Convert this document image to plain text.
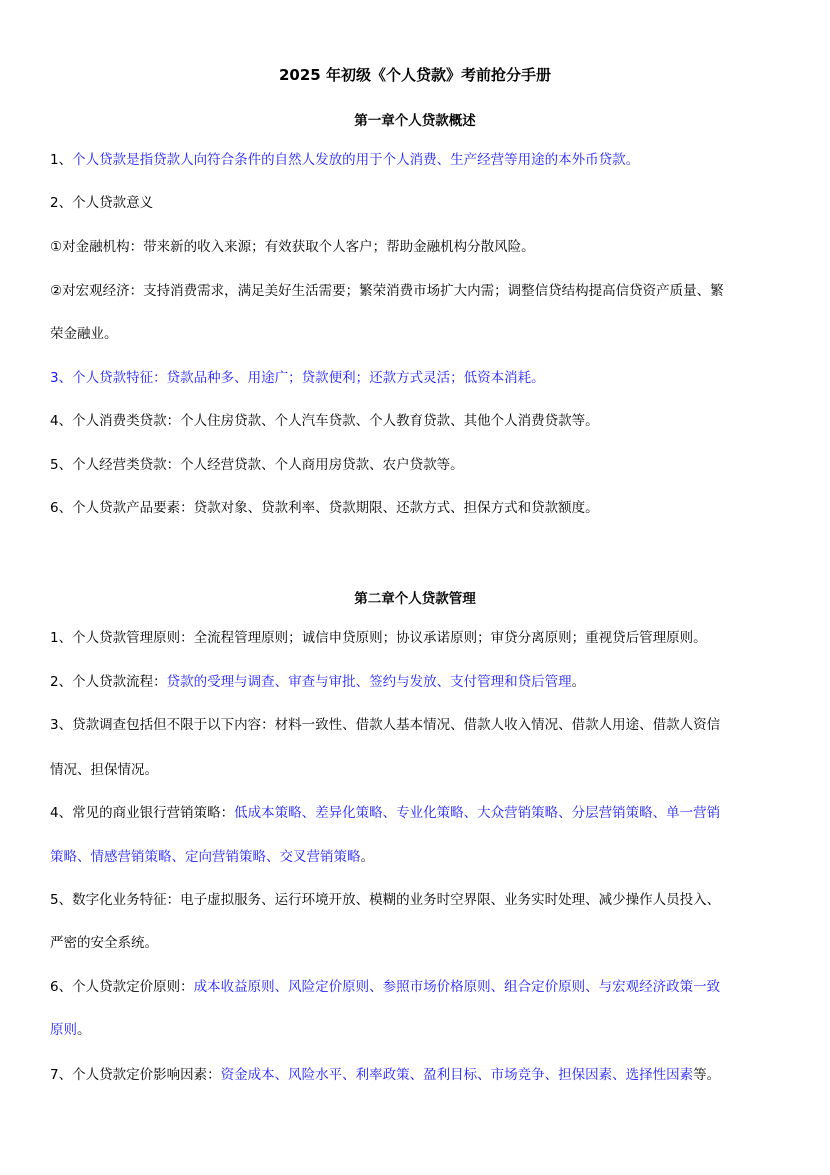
2025 年初级《个人贷款》考前抢分手册
第一章个人贷款概述
1、个人贷款是指贷款人向符合条件的自然人发放的用于个人消费、生产经营等用途的本外币贷款。
2、个人贷款意义
①对金融机构：带来新的收入来源；有效获取个人客户；帮助金融机构分散风险。
②对宏观经济：支持消费需求，满足美好生活需要；繁荣消费市场扩大内需；调整信贷结构提高信贷资产质量、繁
荣金融业。
3、个人贷款特征：贷款品种多、用途广；贷款便利；还款方式灵活；低资本消耗。
4、个人消费类贷款：个人住房贷款、个人汽车贷款、个人教育贷款、其他个人消费贷款等。
5、个人经营类贷款：个人经营贷款、个人商用房贷款、农户贷款等。
6、个人贷款产品要素：贷款对象、贷款利率、贷款期限、还款方式、担保方式和贷款额度。
第二章个人贷款管理
1、个人贷款管理原则：全流程管理原则；诚信申贷原则；协议承诺原则；审贷分离原则；重视贷后管理原则。
2、个人贷款流程：贷款的受理与调查、审查与审批、签约与发放、支付管理和贷后管理。
3、贷款调查包括但不限于以下内容：材料一致性、借款人基本情况、借款人收入情况、借款人用途、借款人资信
情况、担保情况。
4、常见的商业银行营销策略：低成本策略、差异化策略、专业化策略、大众营销策略、分层营销策略、单一营销
策略、情感营销策略、定向营销策略、交叉营销策略。
5、数字化业务特征：电子虚拟服务、运行环境开放、模糊的业务时空界限、业务实时处理、减少操作人员投入、
严密的安全系统。
6、个人贷款定价原则：成本收益原则、风险定价原则、参照市场价格原则、组合定价原则、与宏观经济政策一致
原则。
7、个人贷款定价影响因素：资金成本、风险水平、利率政策、盈利目标、市场竞争、担保因素、选择性因素等。
